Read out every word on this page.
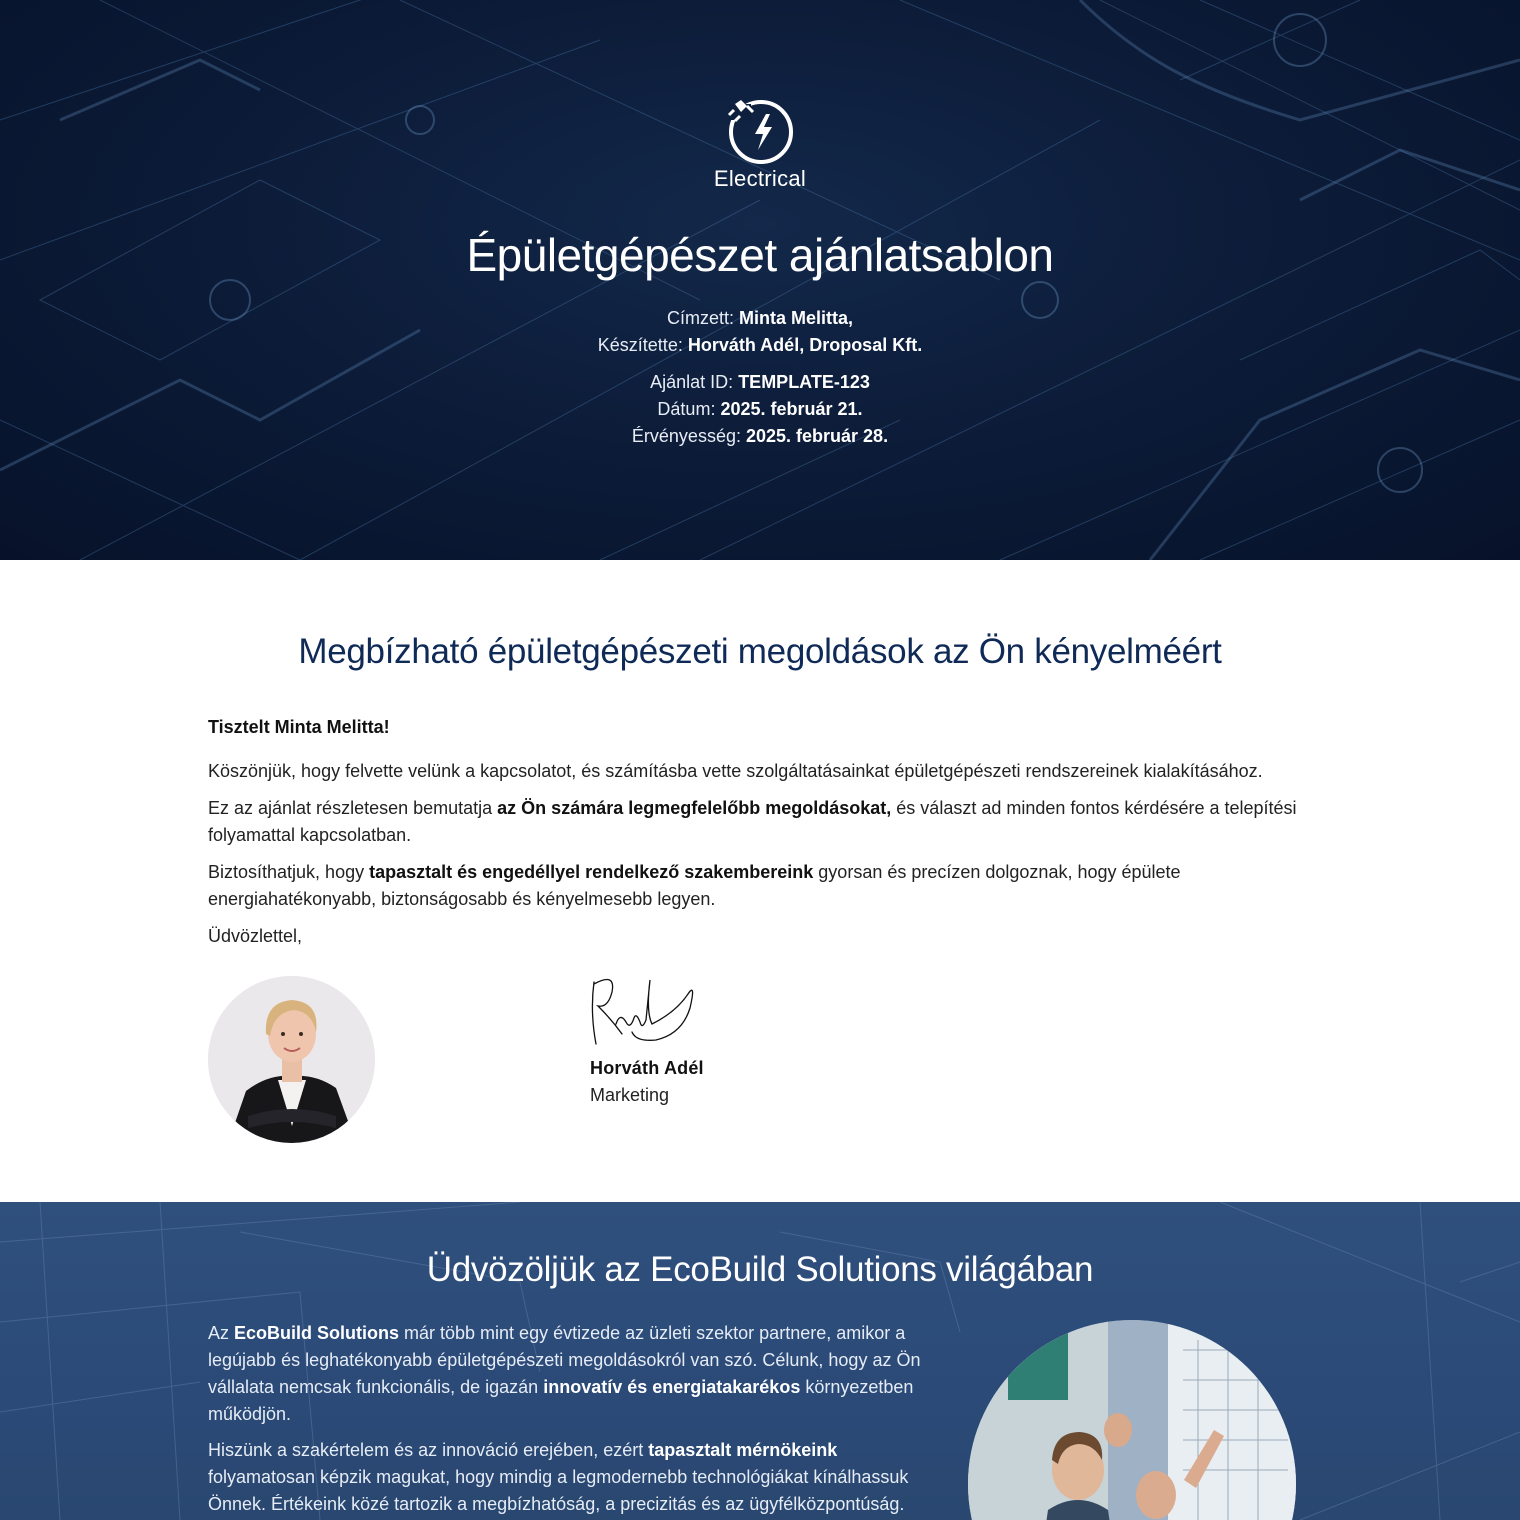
Electrical
Épületgépészet ajánlatsablon
Címzett: Minta Melitta,
Készítette: Horváth Adél, Droposal Kft.
Ajánlat ID: TEMPLATE-123
Dátum: 2025. február 21.
Érvényesség: 2025. február 28.
Megbízható épületgépészeti megoldások az Ön kényelméért
Tisztelt Minta Melitta!

Köszönjük, hogy felvette velünk a kapcsolatot, és számításba vette szolgáltatásainkat épületgépészeti rendszereinek kialakításához.

Ez az ajánlat részletesen bemutatja az Ön számára legmegfelelőbb megoldásokat, és választ ad minden fontos kérdésére a telepítési folyamattal kapcsolatban.

Biztosíthatjuk, hogy tapasztalt és engedéllyel rendelkező szakembereink gyorsan és precízen dolgoznak, hogy épülete energiahatékonyabb, biztonságosabb és kényelmesebb legyen.

Üdvözlettel,

Horváth Adél
Marketing
Üdvözöljük az EcoBuild Solutions világában

Az EcoBuild Solutions már több mint egy évtizede az üzleti szektor partnere, amikor a legújabb és leghatékonyabb épületgépészeti megoldásokról van szó. Célunk, hogy az Ön vállalata nemcsak funkcionális, de igazán innovatív és energiatakarékos környezetben működjön.

Hiszünk a szakértelem és az innováció erejében, ezért tapasztalt mérnökeink folyamatosan képzik magukat, hogy mindig a legmodernebb technológiákat kínálhassuk Önnek. Értékeink közé tartozik a megbízhatóság, a precizitás és az ügyfélközpontúság.
